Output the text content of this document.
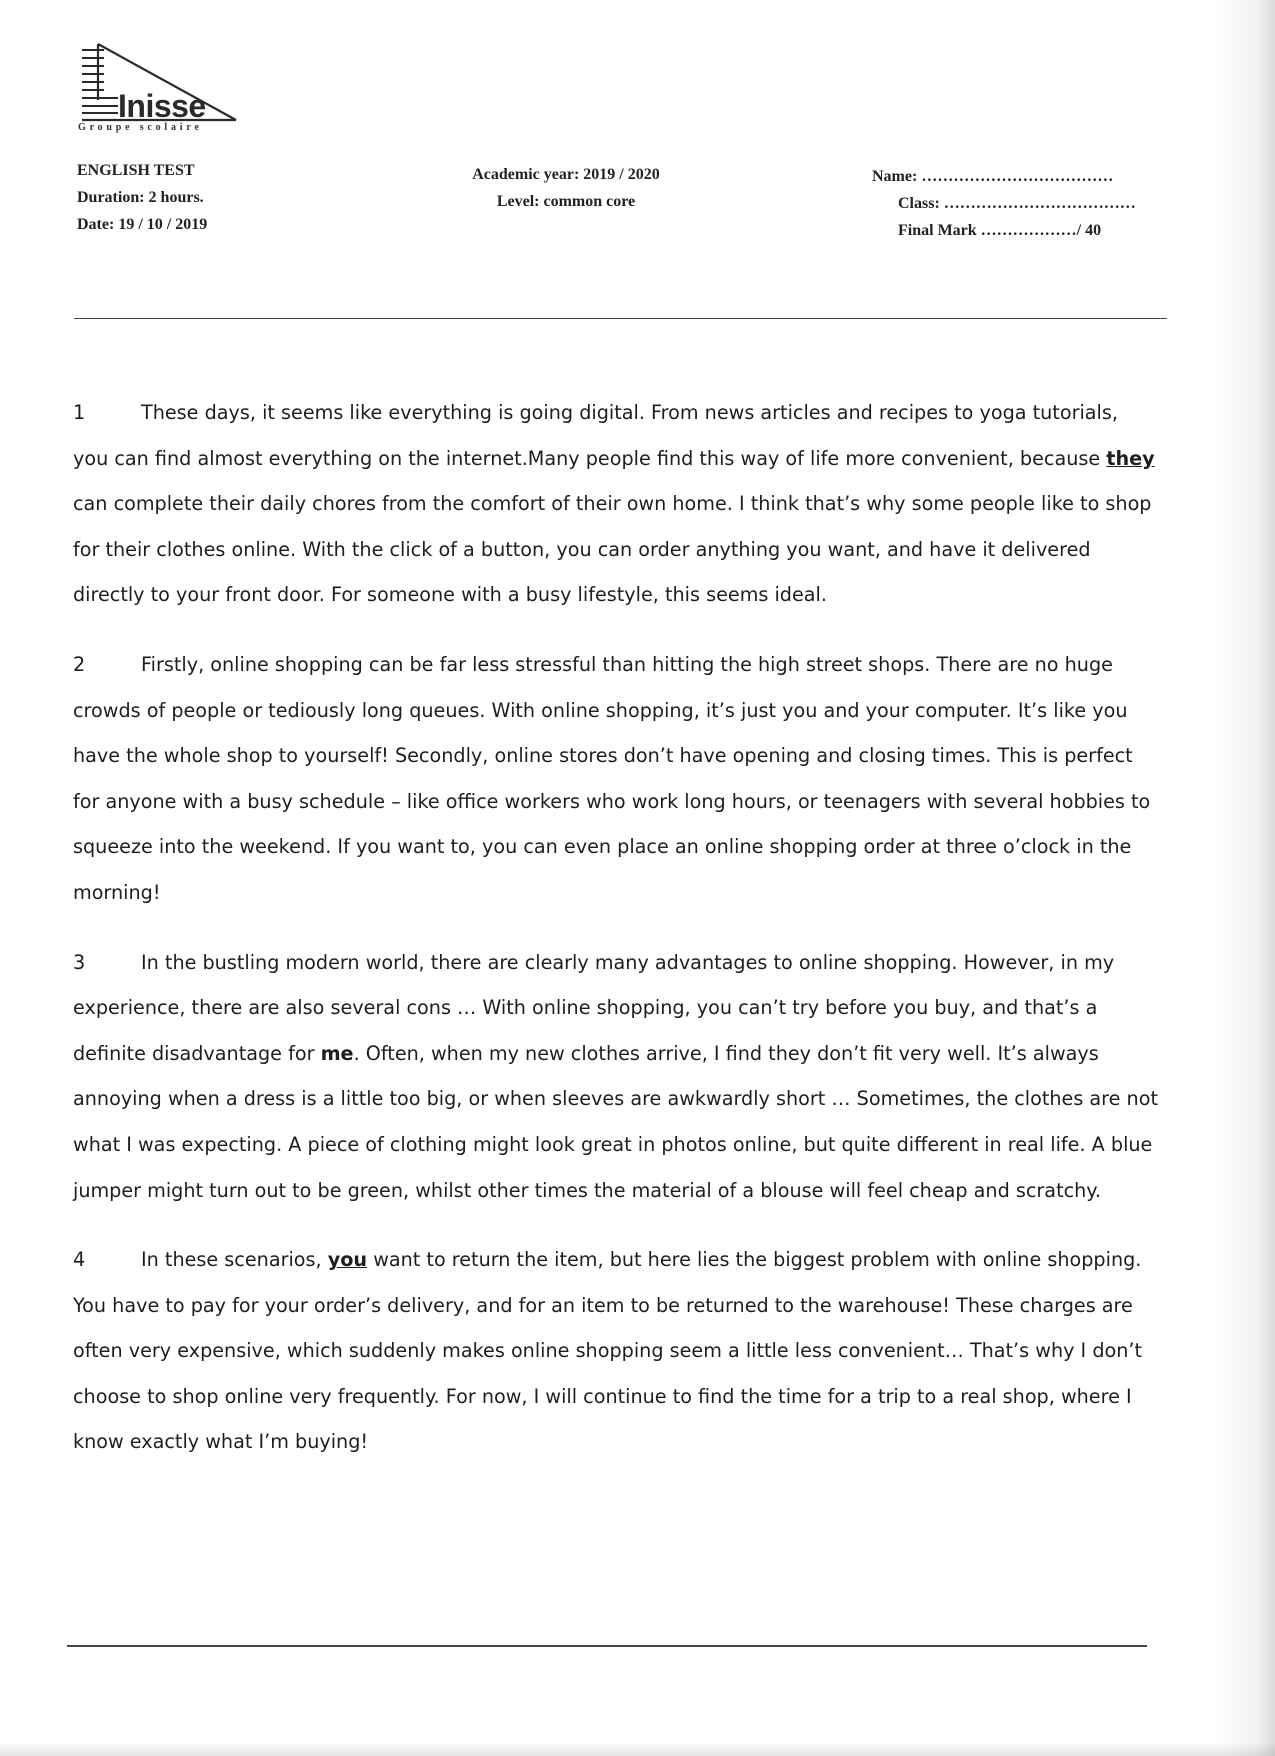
Inisse
Groupe scolaire
ENGLISH TEST
Duration: 2 hours.
Date: 19 / 10 / 2019
Academic year: 2019 / 2020
Level: common core
Name: ………………………………
Class: ………………………………
Final Mark ………………/ 40

1	These days, it seems like everything is going digital. From news articles and recipes to yoga tutorials, you can find almost everything on the internet.Many people find this way of life more convenient, because they can complete their daily chores from the comfort of their own home. I think that’s why some people like to shop for their clothes online. With the click of a button, you can order anything you want, and have it delivered directly to your front door. For someone with a busy lifestyle, this seems ideal.

2	Firstly, online shopping can be far less stressful than hitting the high street shops. There are no huge crowds of people or tediously long queues. With online shopping, it’s just you and your computer. It’s like you have the whole shop to yourself! Secondly, online stores don’t have opening and closing times. This is perfect for anyone with a busy schedule – like office workers who work long hours, or teenagers with several hobbies to squeeze into the weekend. If you want to, you can even place an online shopping order at three o’clock in the morning!

3	In the bustling modern world, there are clearly many advantages to online shopping. However, in my experience, there are also several cons … With online shopping, you can’t try before you buy, and that’s a definite disadvantage for me. Often, when my new clothes arrive, I find they don’t fit very well. It’s always annoying when a dress is a little too big, or when sleeves are awkwardly short … Sometimes, the clothes are not what I was expecting. A piece of clothing might look great in photos online, but quite different in real life. A blue jumper might turn out to be green, whilst other times the material of a blouse will feel cheap and scratchy.

4	In these scenarios, you want to return the item, but here lies the biggest problem with online shopping. You have to pay for your order’s delivery, and for an item to be returned to the warehouse! These charges are often very expensive, which suddenly makes online shopping seem a little less convenient… That’s why I don’t choose to shop online very frequently. For now, I will continue to find the time for a trip to a real shop, where I know exactly what I’m buying!
